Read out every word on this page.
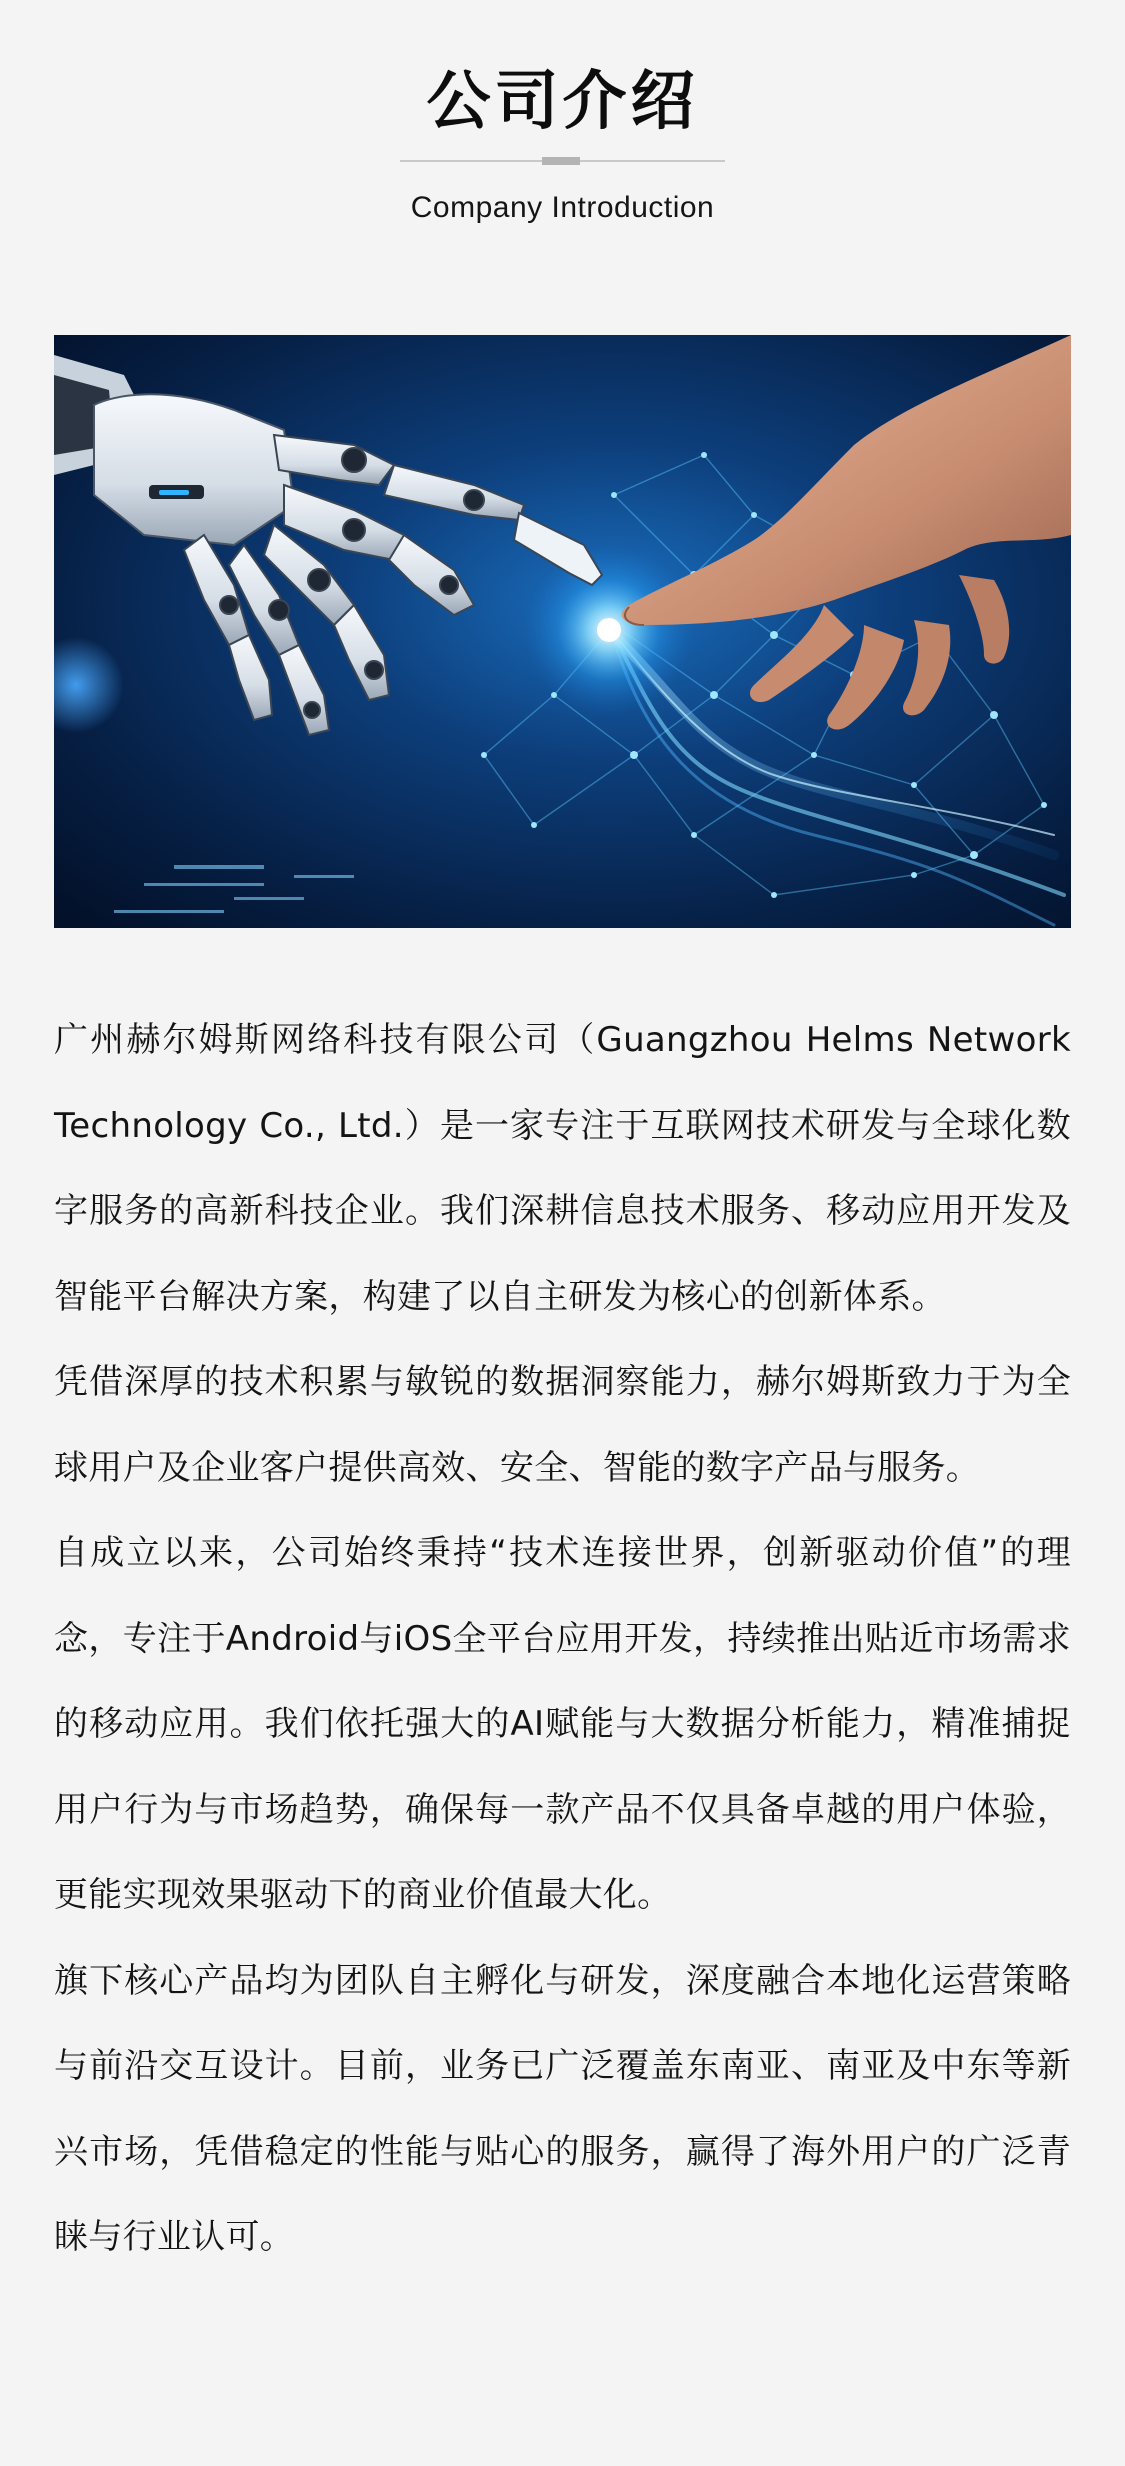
公司介绍
Company Introduction

广州赫尔姆斯网络科技有限公司（Guangzhou Helms Network Technology Co., Ltd.）是一家专注于互联网技术研发与全球化数字服务的高新科技企业。我们深耕信息技术服务、移动应用开发及智能平台解决方案，构建了以自主研发为核心的创新体系。

凭借深厚的技术积累与敏锐的数据洞察能力，赫尔姆斯致力于为全球用户及企业客户提供高效、安全、智能的数字产品与服务。

自成立以来，公司始终秉持“技术连接世界，创新驱动价值”的理念，专注于Android与iOS全平台应用开发，持续推出贴近市场需求的移动应用。我们依托强大的AI赋能与大数据分析能力，精准捕捉用户行为与市场趋势，确保每一款产品不仅具备卓越的用户体验，更能实现效果驱动下的商业价值最大化。

旗下核心产品均为团队自主孵化与研发，深度融合本地化运营策略与前沿交互设计。目前，业务已广泛覆盖东南亚、南亚及中东等新兴市场，凭借稳定的性能与贴心的服务，赢得了海外用户的广泛青睐与行业认可。
